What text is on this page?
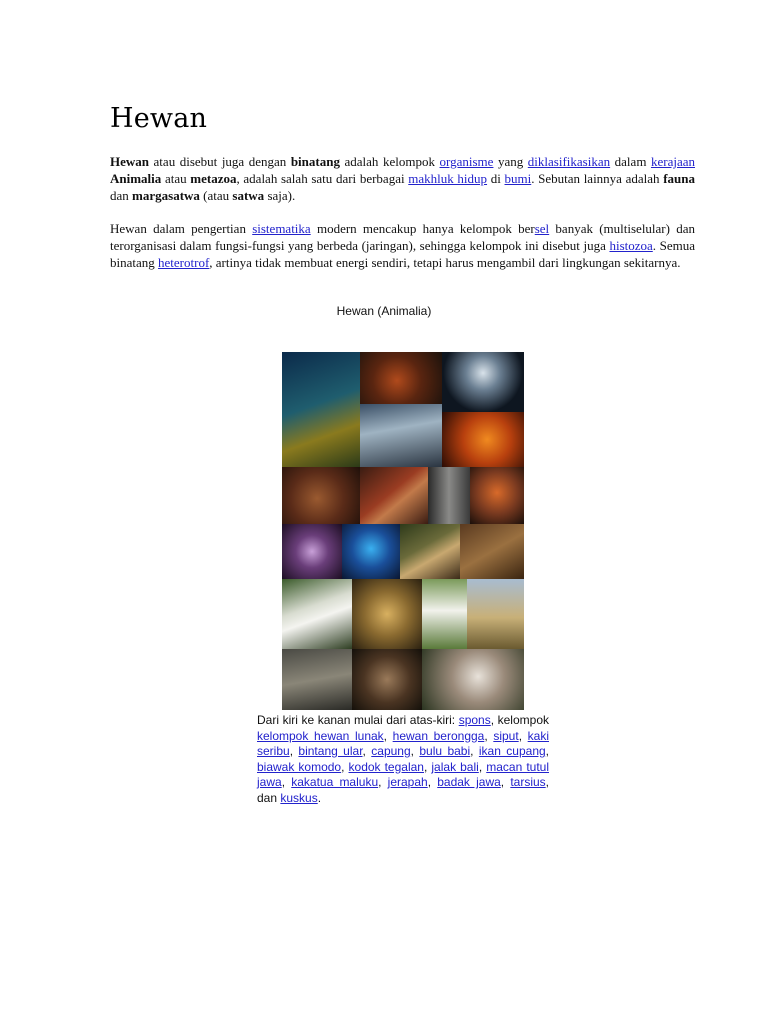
Hewan

Hewan atau disebut juga dengan binatang adalah kelompok organisme yang diklasifikasikan dalam kerajaan Animalia atau metazoa, adalah salah satu dari berbagai makhluk hidup di bumi. Sebutan lainnya adalah fauna dan margasatwa (atau satwa saja).

Hewan dalam pengertian sistematika modern mencakup hanya kelompok bersel banyak (multiselular) dan terorganisasi dalam fungsi-fungsi yang berbeda (jaringan), sehingga kelompok ini disebut juga histozoa. Semua binatang heterotrof, artinya tidak membuat energi sendiri, tetapi harus mengambil dari lingkungan sekitarnya.

Hewan (Animalia)

Dari kiri ke kanan mulai dari atas-kiri: spons, kelompok kelompok hewan lunak, hewan berongga, siput, kaki seribu, bintang ular, capung, bulu babi, ikan cupang, biawak komodo, kodok tegalan, jalak bali, macan tutul jawa, kakatua maluku, jerapah, badak jawa, tarsius, dan kuskus.
